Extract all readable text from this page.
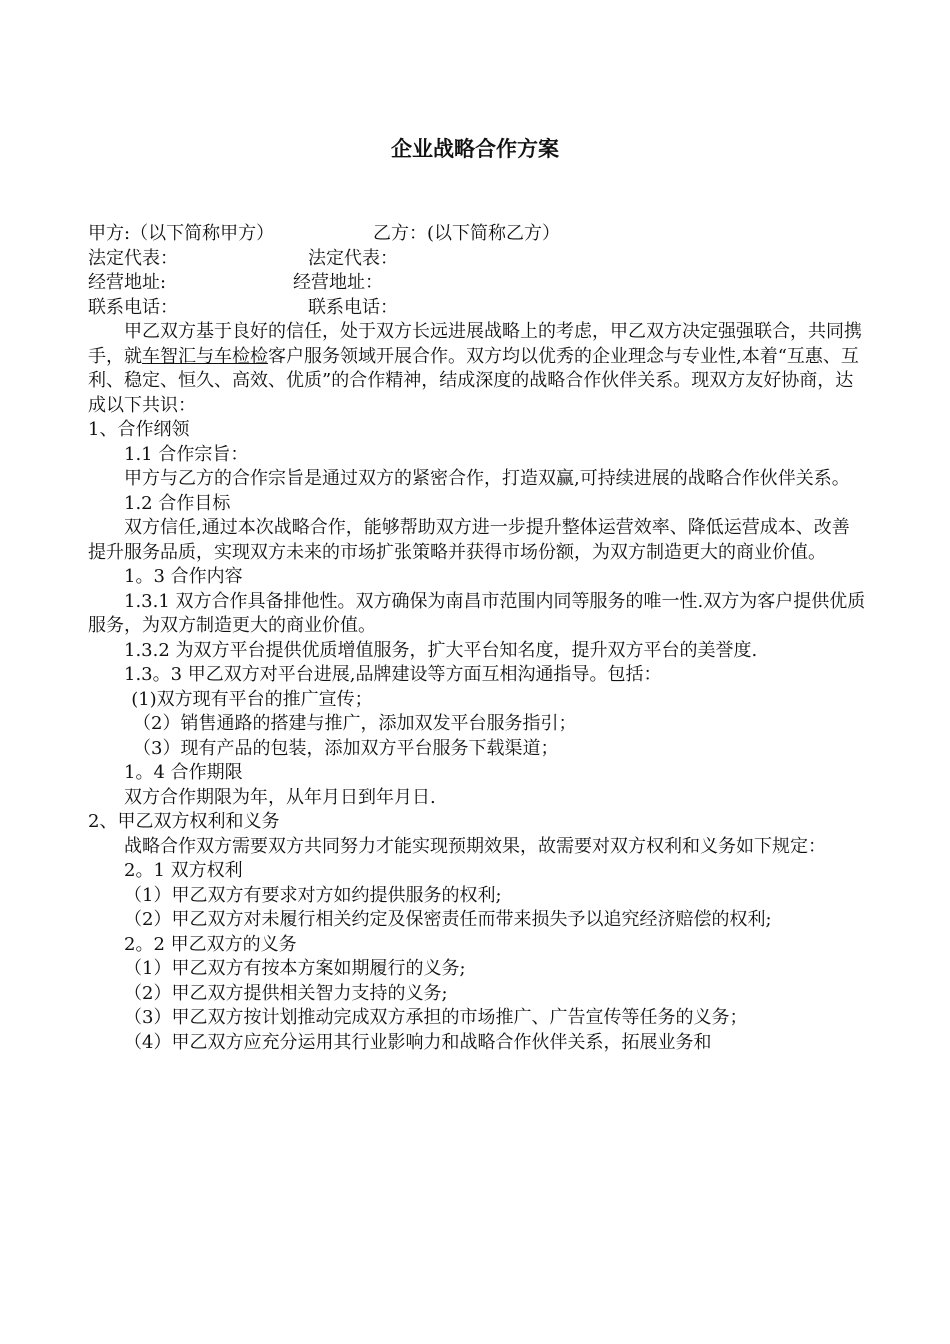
企业战略合作方案
甲方:（以下简称甲方）	乙方：(以下简称乙方）
法定代表：	法定代表：
经营地址:	经营地址：
联系电话：	联系电话：

甲乙双方基于良好的信任，处于双方长远进展战略上的考虑，甲乙双方决定强强联合，共同携手，就车智汇与车检检客户服务领域开展合作。双方均以优秀的企业理念与专业性,本着“互惠、互利、稳定、恒久、高效、优质”的合作精神，结成深度的战略合作伙伴关系。现双方友好协商，达成以下共识：

1、合作纲领

1.1 合作宗旨：

甲方与乙方的合作宗旨是通过双方的紧密合作，打造双赢,可持续进展的战略合作伙伴关系。

1.2 合作目标

双方信任,通过本次战略合作，能够帮助双方进一步提升整体运营效率、降低运营成本、改善提升服务品质，实现双方未来的市场扩张策略并获得市场份额，为双方制造更大的商业价值。

1。3 合作内容

1.3.1 双方合作具备排他性。双方确保为南昌市范围内同等服务的唯一性.双方为客户提供优质服务，为双方制造更大的商业价值。

1.3.2 为双方平台提供优质增值服务，扩大平台知名度，提升双方平台的美誉度.

1.3。3 甲乙双方对平台进展,品牌建设等方面互相沟通指导。包括：

(1)双方现有平台的推广宣传；

（2）销售通路的搭建与推广，添加双发平台服务指引；

（3）现有产品的包装，添加双方平台服务下载渠道；

1。4 合作期限

双方合作期限为年，从年月日到年月日.

2、甲乙双方权利和义务

战略合作双方需要双方共同努力才能实现预期效果，故需要对双方权利和义务如下规定：

2。1 双方权利

（1）甲乙双方有要求对方如约提供服务的权利;

（2）甲乙双方对未履行相关约定及保密责任而带来损失予以追究经济赔偿的权利;

2。2 甲乙双方的义务

（1）甲乙双方有按本方案如期履行的义务;

（2）甲乙双方提供相关智力支持的义务;

（3）甲乙双方按计划推动完成双方承担的市场推广、广告宣传等任务的义务；

（4）甲乙双方应充分运用其行业影响力和战略合作伙伴关系，拓展业务和
